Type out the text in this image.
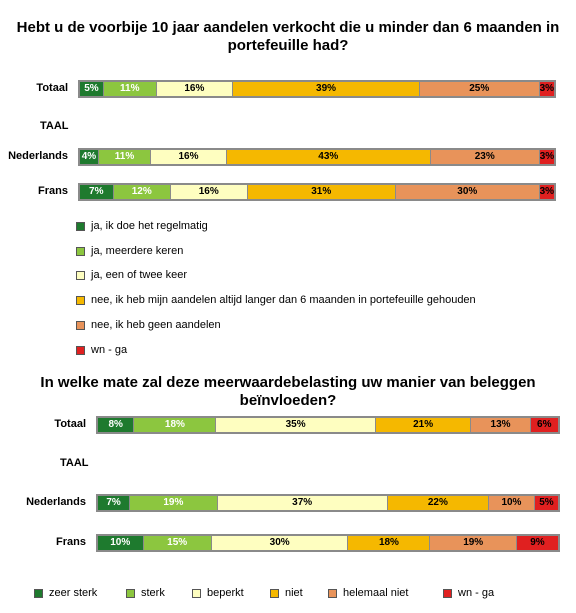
Hebt u de voorbije 10 jaar aandelen verkocht die u minder dan 6 maanden in portefeuille had?

Totaal	5%	11%	16%	39%	25%	3%
TAAL
Nederlands 4%	11%	16%	43%	23%	3%
Frans	7%	12%	16%	31%	30%	3%
ja, ik doe het regelmatig
ja, meerdere keren
ja, een of twee keer
nee, ik heb mijn aandelen altijd langer dan 6 maanden in portefeuille gehouden
nee, ik heb geen aandelen
wn - ga

In welke mate zal deze meerwaardebelasting uw manier van beleggen beïnvloeden?

Totaal	8%	18%	35%	21%	13%	6%
TAAL
Nederlands	7%	19%	37%	22%	10%	5%
Frans	10%	15%	30%	18%	19%	9%
zeer sterk	sterk	beperkt	niet	helemaal niet	wn - ga
